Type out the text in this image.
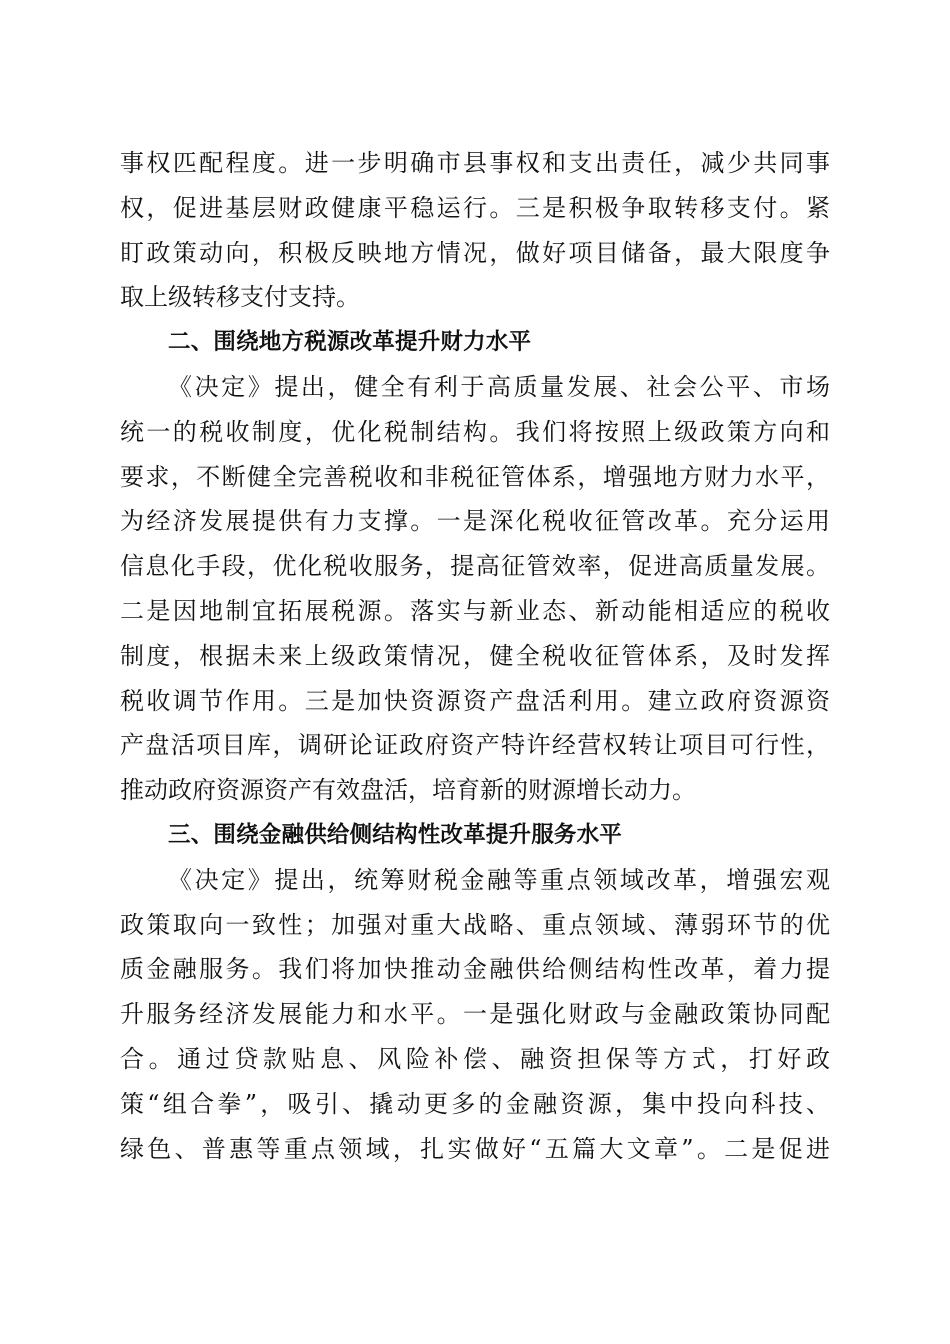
事权匹配程度。进一步明确市县事权和支出责任，减少共同事
权，促进基层财政健康平稳运行。三是积极争取转移支付。紧
盯政策动向，积极反映地方情况，做好项目储备，最大限度争
取上级转移支付支持。
二、围绕地方税源改革提升财力水平
《决定》提出，健全有利于高质量发展、社会公平、市场
统一的税收制度，优化税制结构。我们将按照上级政策方向和
要求，不断健全完善税收和非税征管体系，增强地方财力水平，
为经济发展提供有力支撑。一是深化税收征管改革。充分运用
信息化手段，优化税收服务，提高征管效率，促进高质量发展。
二是因地制宜拓展税源。落实与新业态、新动能相适应的税收
制度，根据未来上级政策情况，健全税收征管体系，及时发挥
税收调节作用。三是加快资源资产盘活利用。建立政府资源资
产盘活项目库，调研论证政府资产特许经营权转让项目可行性，
推动政府资源资产有效盘活，培育新的财源增长动力。
三、围绕金融供给侧结构性改革提升服务水平
《决定》提出，统筹财税金融等重点领域改革，增强宏观
政策取向一致性；加强对重大战略、重点领域、薄弱环节的优
质金融服务。我们将加快推动金融供给侧结构性改革，着力提
升服务经济发展能力和水平。一是强化财政与金融政策协同配
合。通过贷款贴息、风险补偿、融资担保等方式，打好政
策“组合拳”，吸引、撬动更多的金融资源，集中投向科技、
绿色、普惠等重点领域，扎实做好“五篇大文章”。二是促进
